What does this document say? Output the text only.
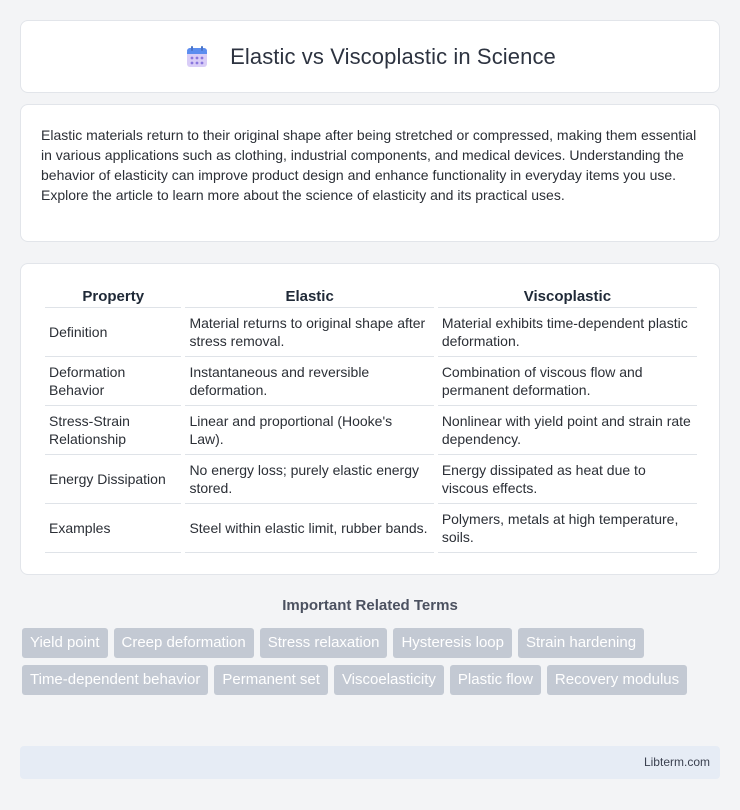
Elastic vs Viscoplastic in Science

Elastic materials return to their original shape after being stretched or compressed, making them essential in various applications such as clothing, industrial components, and medical devices. Understanding the behavior of elasticity can improve product design and enhance functionality in everyday items you use. Explore the article to learn more about the science of elasticity and its practical uses.

Property	Elastic	Viscoplastic
Definition	Material returns to original shape after stress removal.	Material exhibits time-dependent plastic deformation.
Deformation Behavior	Instantaneous and reversible deformation.	Combination of viscous flow and permanent deformation.
Stress-Strain Relationship	Linear and proportional (Hooke's Law).	Nonlinear with yield point and strain rate dependency.
Energy Dissipation	No energy loss; purely elastic energy stored.	Energy dissipated as heat due to viscous effects.
Examples	Steel within elastic limit, rubber bands.	Polymers, metals at high temperature, soils.
Important Related Terms
Yield point	Creep deformation	Stress relaxation	Hysteresis loop	Strain hardening
Time-dependent behavior	Permanent set	Viscoelasticity	Plastic flow	Recovery modulus
Libterm.com
